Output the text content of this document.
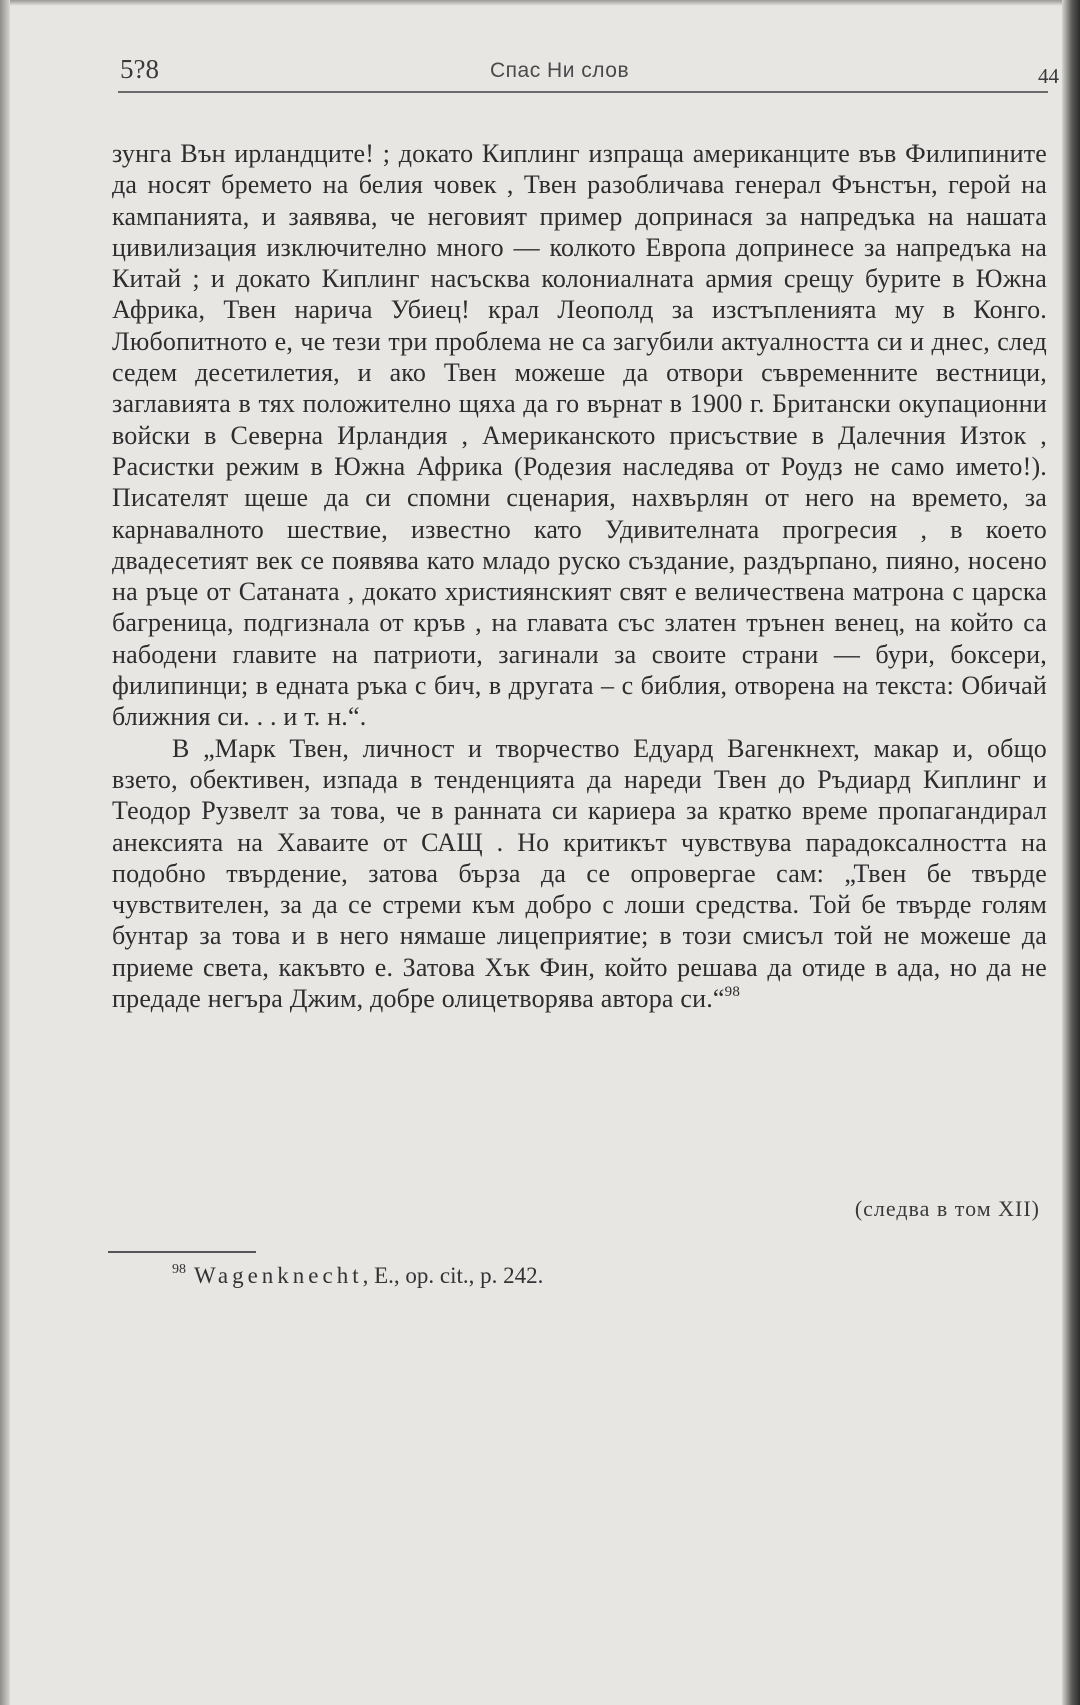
5?8	Спас Ни слов	44

зунга Вън ирландците! ; докато Киплинг изпраща американците във Филипините да носят бремето на белия човек , Твен разобличава генерал Фънстън, герой на кампанията, и заявява, че неговият пример допринася за напредъка на нашата цивилизация изключително много — колкото Европа допринесе за напредъка на Китай ; и докато Киплинг насъсква колониалната армия срещу бурите в Южна Африка, Твен нарича Убиец! крал Леополд за изстъпленията му в Конго. Любопитното е, че тези три проблема не са загубили актуалността си и днес, след седем десетилетия, и ако Твен можеше да отвори съвременните вестници, заглавията в тях положително щяха да го върнат в 1900 г. Британски окупационни войски в Северна Ирландия , Американското присъствие в Далечния Изток , Расистки режим в Южна Африка (Родезия наследява от Роудз не само името!). Писателят щеше да си спомни сценария, нахвърлян от него на времето, за карнавалното шествие, известно като Удивителната прогресия , в което двадесетият век се появява като младо руско създание, раздърпано, пияно, носено на ръце от Сатаната , докато християнският свят е величествена матрона с царска багреница, подгизнала от кръв , на главата със златен трънен венец, на който са набодени главите на патриоти, загинали за своите страни — бури, боксери, филипинци; в едната ръка с бич, в другата – с библия, отворена на текста: Обичай ближния си. . . и т. н.“.

В „Марк Твен, личност и творчество Едуард Вагенкнехт, макар и, общо взето, обективен, изпада в тенденцията да нареди Твен до Ръдиард Киплинг и Теодор Рузвелт за това, че в ранната си кариера за кратко време пропагандирал анексията на Хаваите от САЩ . Но критикът чувствува парадоксалността на подобно твърдение, затова бърза да се опровергае сам: „Твен бе твърде чувствителен, за да се стреми към добро с лоши средства. Той бе твърде голям бунтар за това и в него нямаше лицеприятие; в този смисъл той не можеше да приеме света, какъвто е. Затова Хък Фин, който решава да отиде в ада, но да не предаде негъра Джим, добре олицетворява автора си.“$^{98}$

(следва в том XII)
$^{98}$ Wagenknecht, E., op. cit., p. 242.
